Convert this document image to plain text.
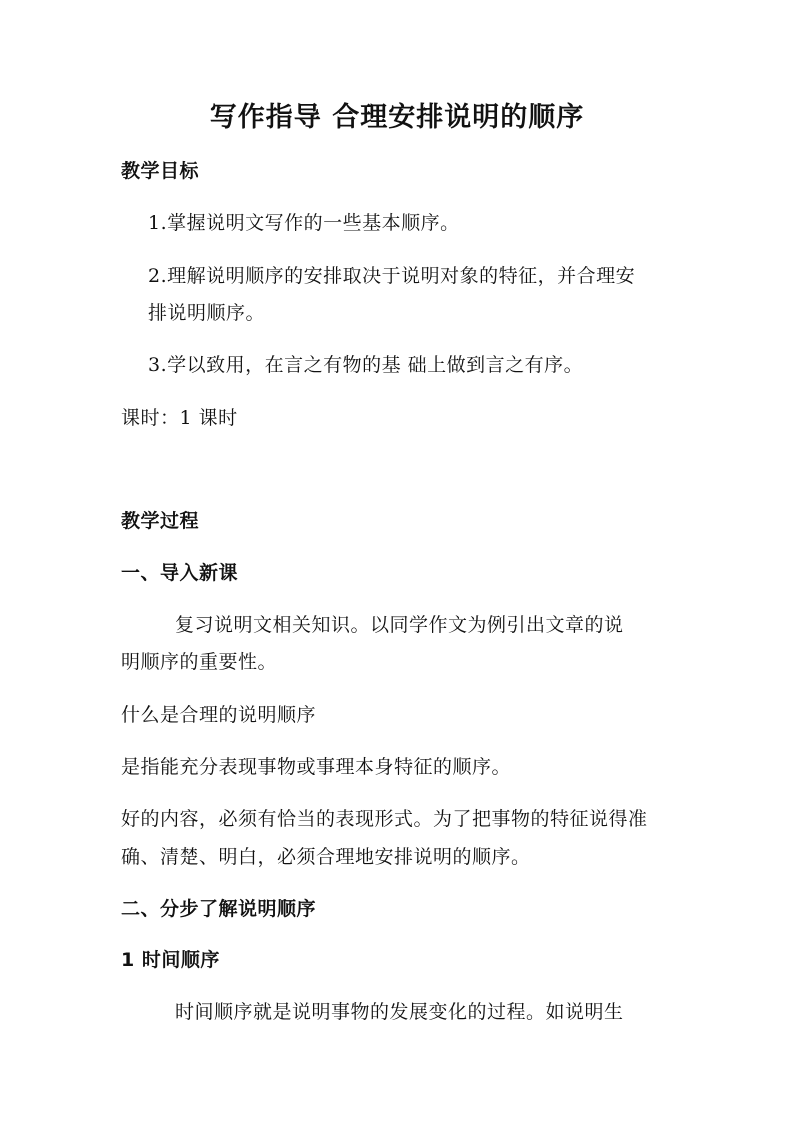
写作指导 合理安排说明的顺序
教学目标
1.掌握说明文写作的一些基本顺序。
2.理解说明顺序的安排取决于说明对象的特征，并合理安
排说明顺序。
3.学以致用，在言之有物的基 础上做到言之有序。
课时：1 课时
教学过程
一、导入新课
复习说明文相关知识。以同学作文为例引出文章的说
明顺序的重要性。
什么是合理的说明顺序
是指能充分表现事物或事理本身特征的顺序。
好的内容，必须有恰当的表现形式。为了把事物的特征说得准
确、清楚、明白，必须合理地安排说明的顺序。
二、分步了解说明顺序
1 时间顺序
时间顺序就是说明事物的发展变化的过程。如说明生
